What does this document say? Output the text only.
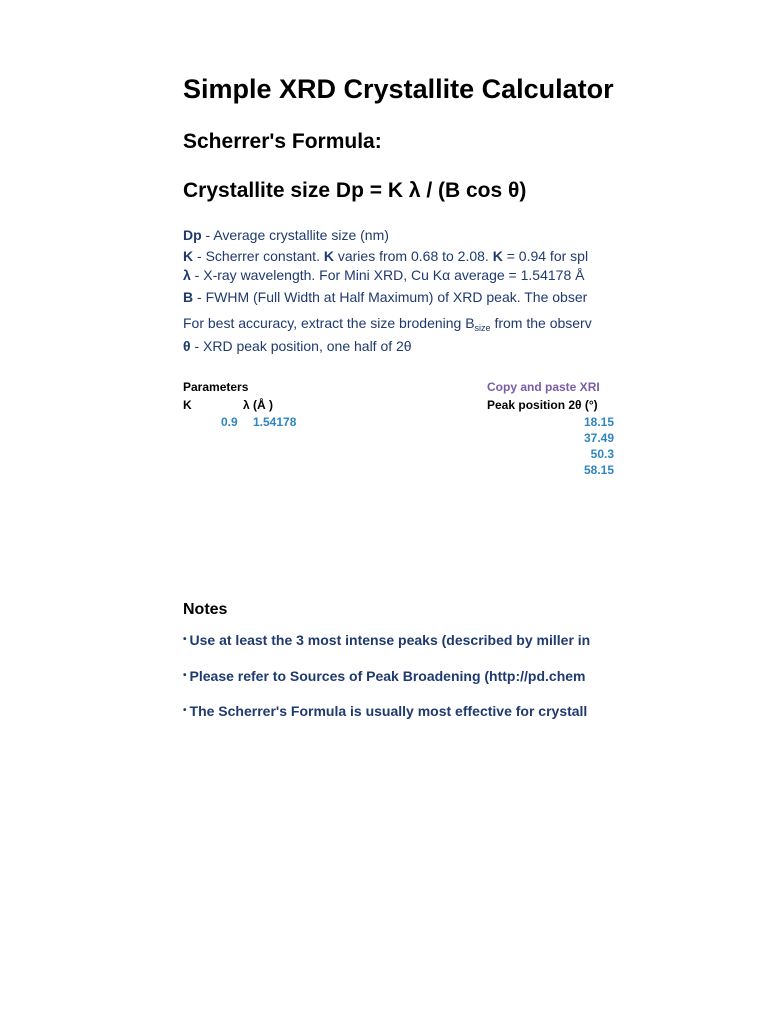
Simple XRD Crystallite Calculator
Scherrer's Formula:
Crystallite size Dp = K λ / (B cos θ)
Dp - Average crystallite size (nm)
K - Scherrer constant. K varies from 0.68 to 2.08. K = 0.94 for spl
λ - X-ray wavelength. For Mini XRD, Cu Kα average = 1.54178 Å
B - FWHM (Full Width at Half Maximum) of XRD peak. The obser
For best accuracy, extract the size brodening $B_{size}$ from the observ
θ - XRD peak position, one half of 2θ
Parameters
K	λ (Å )
0.9 1.54178
Copy and paste XRI
Peak position 2θ (°)
18.15
37.49
50.3
58.15
Notes
• Use at least the 3 most intense peaks (described by miller in
• Please refer to Sources of Peak Broadening (http://pd.chem
• The Scherrer's Formula is usually most effective for crystall
